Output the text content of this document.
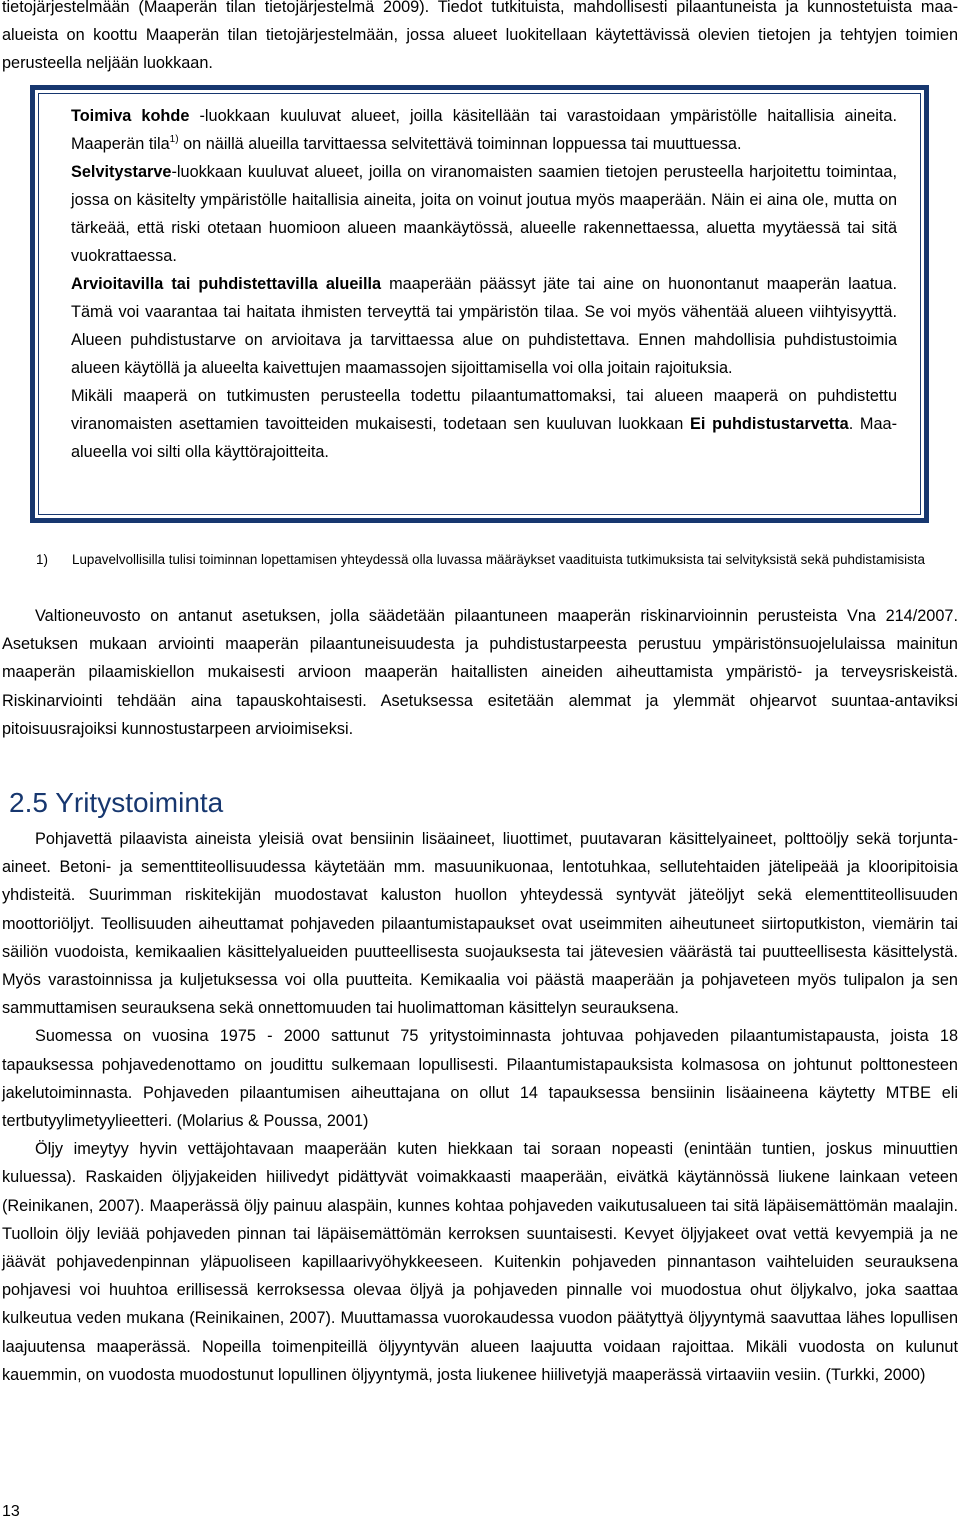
tietojärjestelmään (Maaperän tilan tietojärjestelmä 2009). Tiedot tutkituista, mahdollisesti pilaantuneista ja kunnostetuista maa-alueista on koottu Maaperän tilan tietojärjestelmään, jossa alueet luokitellaan käytettävissä olevien tietojen ja tehtyjen toimien perusteella neljään luokkaan.

Toimiva kohde -luokkaan kuuluvat alueet, joilla käsitellään tai varastoidaan ympäristölle haitallisia aineita. Maaperän tila$^{1)}$ on näillä alueilla tarvittaessa selvitettävä toiminnan loppuessa tai muuttuessa.

Selvitystarve-luokkaan kuuluvat alueet, joilla on viranomaisten saamien tietojen perusteella harjoitettu toimintaa, jossa on käsitelty ympäristölle haitallisia aineita, joita on voinut joutua myös maaperään. Näin ei aina ole, mutta on tärkeää, että riski otetaan huomioon alueen maankäytössä, alueelle rakennettaessa, aluetta myytäessä tai sitä vuokrattaessa.

Arvioitavilla tai puhdistettavilla alueilla maaperään päässyt jäte tai aine on huonontanut maaperän laatua. Tämä voi vaarantaa tai haitata ihmisten terveyttä tai ympäristön tilaa. Se voi myös vähentää alueen viihtyisyyttä. Alueen puhdistustarve on arvioitava ja tarvittaessa alue on puhdistettava. Ennen mahdollisia puhdistustoimia alueen käytöllä ja alueelta kaivettujen maamassojen sijoittamisella voi olla joitain rajoituksia.

Mikäli maaperä on tutkimusten perusteella todettu pilaantumattomaksi, tai alueen maaperä on puhdistettu viranomaisten asettamien tavoitteiden mukaisesti, todetaan sen kuuluvan luokkaan Ei puhdistustarvetta. Maa-alueella voi silti olla käyttörajoitteita.

1) Lupavelvollisilla tulisi toiminnan lopettamisen yhteydessä olla luvassa määräykset vaadituista tutkimuksista tai selvityksistä sekä puhdistamisista

Valtioneuvosto on antanut asetuksen, jolla säädetään pilaantuneen maaperän riskinarvioinnin perusteista Vna 214/2007. Asetuksen mukaan arviointi maaperän pilaantuneisuudesta ja puhdistustarpeesta perustuu ympäristönsuojelulaissa mainitun maaperän pilaamiskiellon mukaisesti arvioon maaperän haitallisten aineiden aiheuttamista ympäristö- ja terveysriskeistä. Riskinarviointi tehdään aina tapauskohtaisesti. Asetuksessa esitetään alemmat ja ylemmät ohjearvot suuntaa-antaviksi pitoisuusrajoiksi kunnostustarpeen arvioimiseksi.

2.5 Yritystoiminta

Pohjavettä pilaavista aineista yleisiä ovat bensiinin lisäaineet, liuottimet, puutavaran käsittelyaineet, polttoöljy sekä torjunta-aineet. Betoni- ja sementtiteollisuudessa käytetään mm. masuunikuonaa, lentotuhkaa, sellutehtaiden jätelipeää ja klooripitoisia yhdisteitä. Suurimman riskitekijän muodostavat kaluston huollon yhteydessä syntyvät jäteöljyt sekä elementtiteollisuuden moottoriöljyt. Teollisuuden aiheuttamat pohjaveden pilaantumistapaukset ovat useimmiten aiheutuneet siirtoputkiston, viemärin tai säiliön vuodoista, kemikaalien käsittelyalueiden puutteellisesta suojauksesta tai jätevesien väärästä tai puutteellisesta käsittelystä. Myös varastoinnissa ja kuljetuksessa voi olla puutteita. Kemikaalia voi päästä maaperään ja pohjaveteen myös tulipalon ja sen sammuttamisen seurauksena sekä onnettomuuden tai huolimattoman käsittelyn seurauksena.

Suomessa on vuosina 1975 - 2000 sattunut 75 yritystoiminnasta johtuvaa pohjaveden pilaantumistapausta, joista 18 tapauksessa pohjavedenottamo on joudittu sulkemaan lopullisesti. Pilaantumistapauksista kolmasosa on johtunut polttonesteen jakelutoiminnasta. Pohjaveden pilaantumisen aiheuttajana on ollut 14 tapauksessa bensiinin lisäaineena käytetty MTBE eli tertbutyylimetyylieetteri. (Molarius & Poussa, 2001)

Öljy imeytyy hyvin vettäjohtavaan maaperään kuten hiekkaan tai soraan nopeasti (enintään tuntien, joskus minuuttien kuluessa). Raskaiden öljyjakeiden hiilivedyt pidättyvät voimakkaasti maaperään, eivätkä käytännössä liukene lainkaan veteen (Reinikanen, 2007). Maaperässä öljy painuu alaspäin, kunnes kohtaa pohjaveden vaikutusalueen tai sitä läpäisemättömän maalajin. Tuolloin öljy leviää pohjaveden pinnan tai läpäisemättömän kerroksen suuntaisesti. Kevyet öljyjakeet ovat vettä kevyempiä ja ne jäävät pohjavedenpinnan yläpuoliseen kapillaarivyöhykkeeseen. Kuitenkin pohjaveden pinnantason vaihteluiden seurauksena pohjavesi voi huuhtoa erillisessä kerroksessa olevaa öljyä ja pohjaveden pinnalle voi muodostua ohut öljykalvo, joka saattaa kulkeutua veden mukana (Reinikainen, 2007). Muuttamassa vuorokaudessa vuodon päätyttyä öljyyntymä saavuttaa lähes lopullisen laajuutensa maaperässä. Nopeilla toimenpiteillä öljyyntyvän alueen laajuutta voidaan rajoittaa. Mikäli vuodosta on kulunut kauemmin, on vuodosta muodostunut lopullinen öljyyntymä, josta liukenee hiilivetyjä maaperässä virtaaviin vesiin. (Turkki, 2000)

13
